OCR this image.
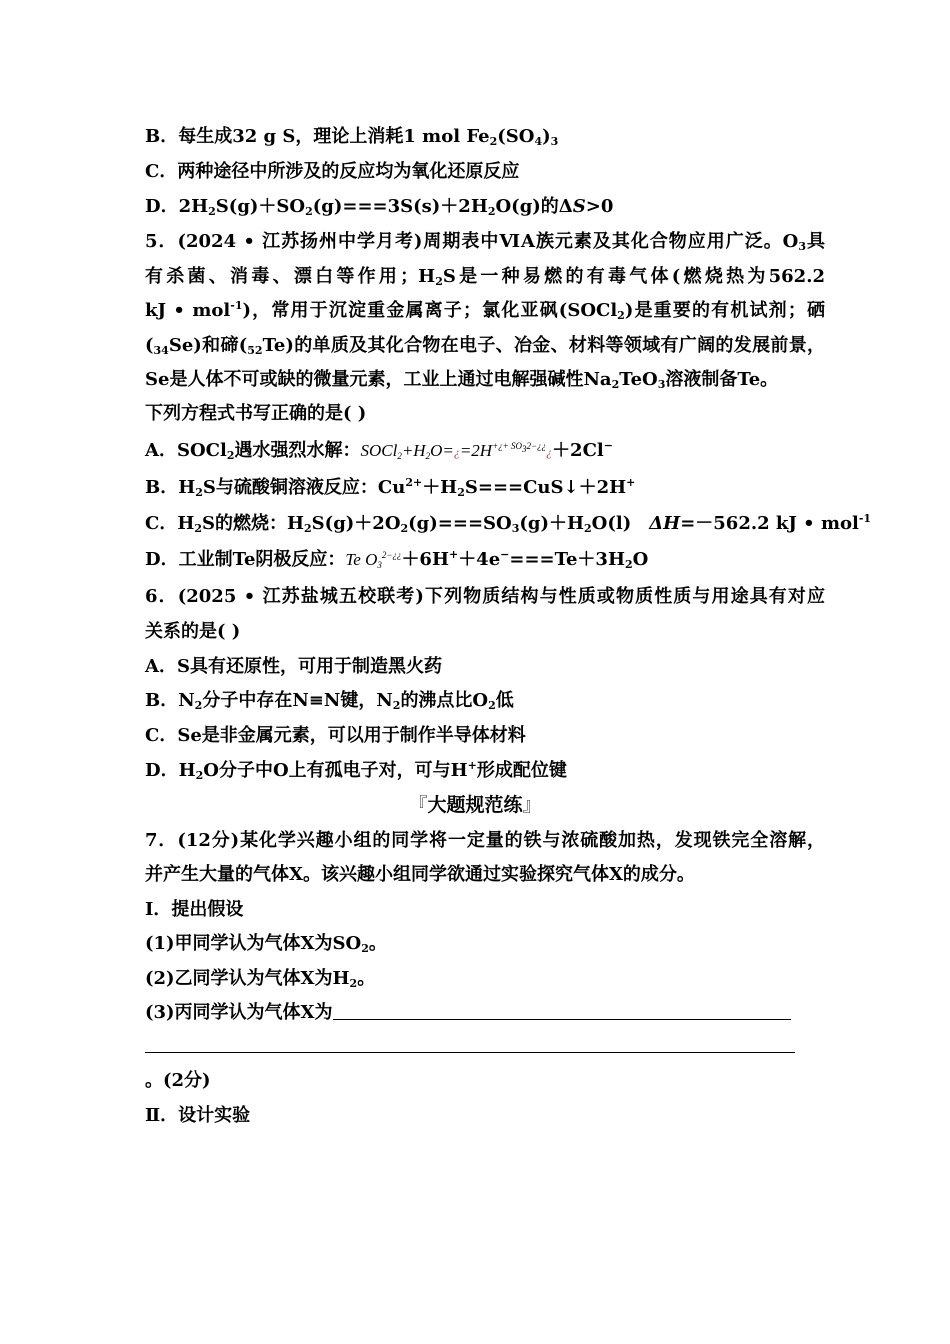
B．每生成32 g S，理论上消耗1 mol $Fe_2(SO_4)_3$
C．两种途径中所涉及的反应均为氧化还原反应
D．$2H_2S(g)+SO_2(g)===3S(s)+2H_2O(g)$的ΔS>0
5．(2024 • 江苏扬州中学月考)周期表中ⅥA族元素及其化合物应用广泛。$O_3$具
有杀菌、消毒、漂白等作用；$H_2S$是一种易燃的有毒气体(燃烧热为562.2
kJ • mol$^{-1}$)，常用于沉淀重金属离子；氯化亚砜(SOCl$_2$)是重要的有机试剂；硒
$(_{34}Se)$和碲$(_{52}Te)$的单质及其化合物在电子、冶金、材料等领域有广阔的发展前景，
Se是人体不可或缺的微量元素，工业上通过电解强碱性$Na_2TeO_3$溶液制备Te。
下列方程式书写正确的是( )
A．SOCl$_2$遇水强烈水解：$SOCl_2+H_2O=¿=2H^{+¿+ SO_32-¿¿}¿+2Cl^-$
B．$H_2S$与硫酸铜溶液反应：$Cu^{2+}+H_2S===CuS↓+2H^+$
C．$H_2S$的燃烧：$H_2S(g)+2O_2(g)===SO_3(g)+H_2O(l)$ ΔH=－562.2 kJ • mol$^{-1}$
D．工业制Te阴极反应：Te $O_3^{2-¿¿}+6H^++4e^-===Te+3H_2O$
6．(2025 • 江苏盐城五校联考)下列物质结构与性质或物质性质与用途具有对应
关系的是( )
A．S具有还原性，可用于制造黑火药
B．$N_2$分子中存在N≡N键，$N_2$的沸点比$O_2$低
C．Se是非金属元素，可以用于制作半导体材料
D．$H_2O$分子中O上有孤电子对，可与H+形成配位键
『大题规范练』
7．(12分)某化学兴趣小组的同学将一定量的铁与浓硫酸加热，发现铁完全溶解，
并产生大量的气体X。该兴趣小组同学欲通过实验探究气体X的成分。
Ⅰ．提出假设
(1)甲同学认为气体X为$SO_2$。
(2)乙同学认为气体X为$H_2$。
(3)丙同学认为气体X为
。(2分)
Ⅱ．设计实验
